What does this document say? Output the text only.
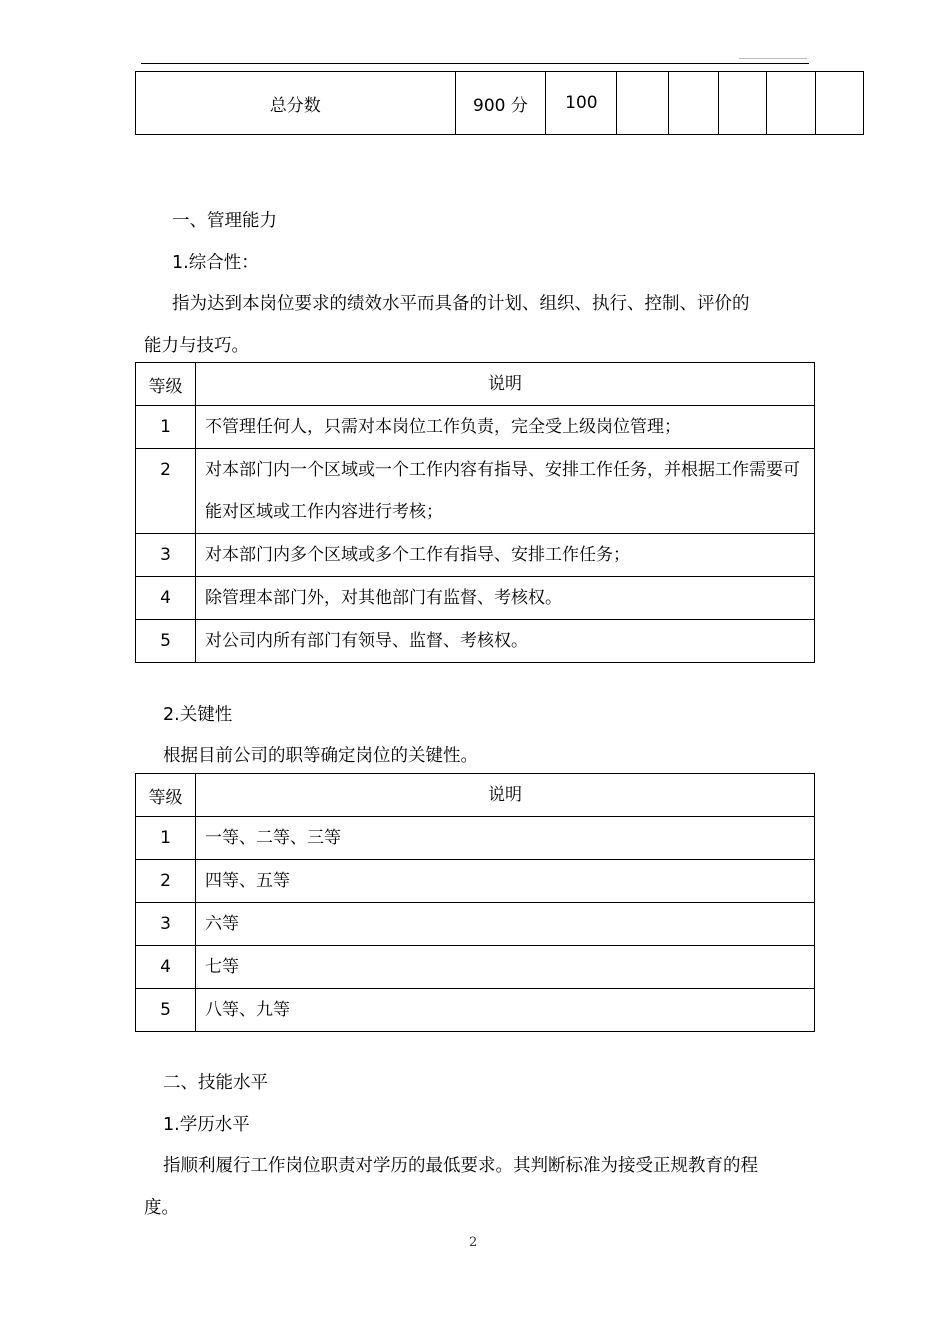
总分数	900 分	100					
一、管理能力
1.综合性：
指为达到本岗位要求的绩效水平而具备的计划、组织、执行、控制、评价的
能力与技巧。
等级	说明
1	不管理任何人，只需对本岗位工作负责，完全受上级岗位管理；
2	对本部门内一个区域或一个工作内容有指导、安排工作任务，并根据工作需要可能对区域或工作内容进行考核；
3	对本部门内多个区域或多个工作有指导、安排工作任务；
4	除管理本部门外，对其他部门有监督、考核权。
5	对公司内所有部门有领导、监督、考核权。
2.关键性
根据目前公司的职等确定岗位的关键性。
等级	说明
1	一等、二等、三等
2	四等、五等
3	六等
4	七等
5	八等、九等
二、技能水平
1.学历水平
指顺利履行工作岗位职责对学历的最低要求。其判断标准为接受正规教育的程
度。
2
